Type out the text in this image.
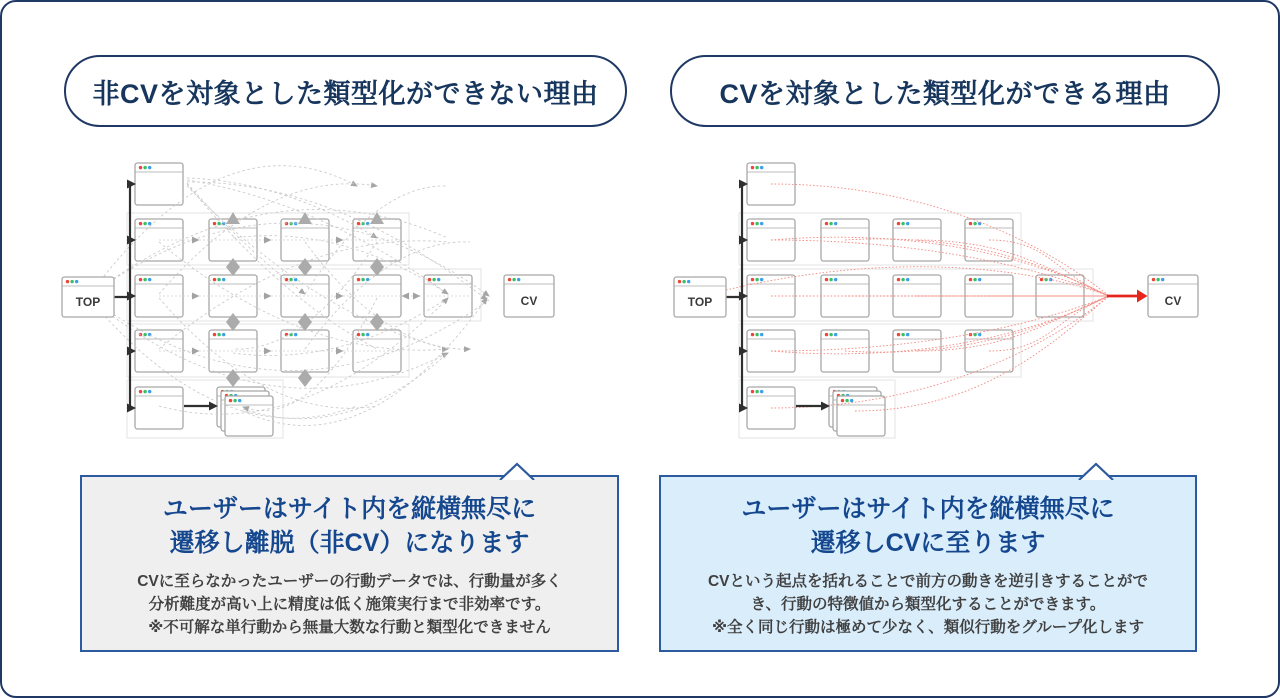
非CVを対象とした類型化ができない理由
TOP	CV
ユーザーはサイト内を縦横無尽に
遷移し離脱（非CV）になります
CVに至らなかったユーザーの行動データでは、行動量が多く
分析難度が高い上に精度は低く施策実行まで非効率です。
※不可解な単行動から無量大数な行動と類型化できません
CVを対象とした類型化ができる理由
TOP	CV
ユーザーはサイト内を縦横無尽に
遷移しCVに至ります
CVという起点を括れることで前方の動きを逆引きすることがで
き、行動の特徴値から類型化することができます。
※全く同じ行動は極めて少なく、類似行動をグループ化します
